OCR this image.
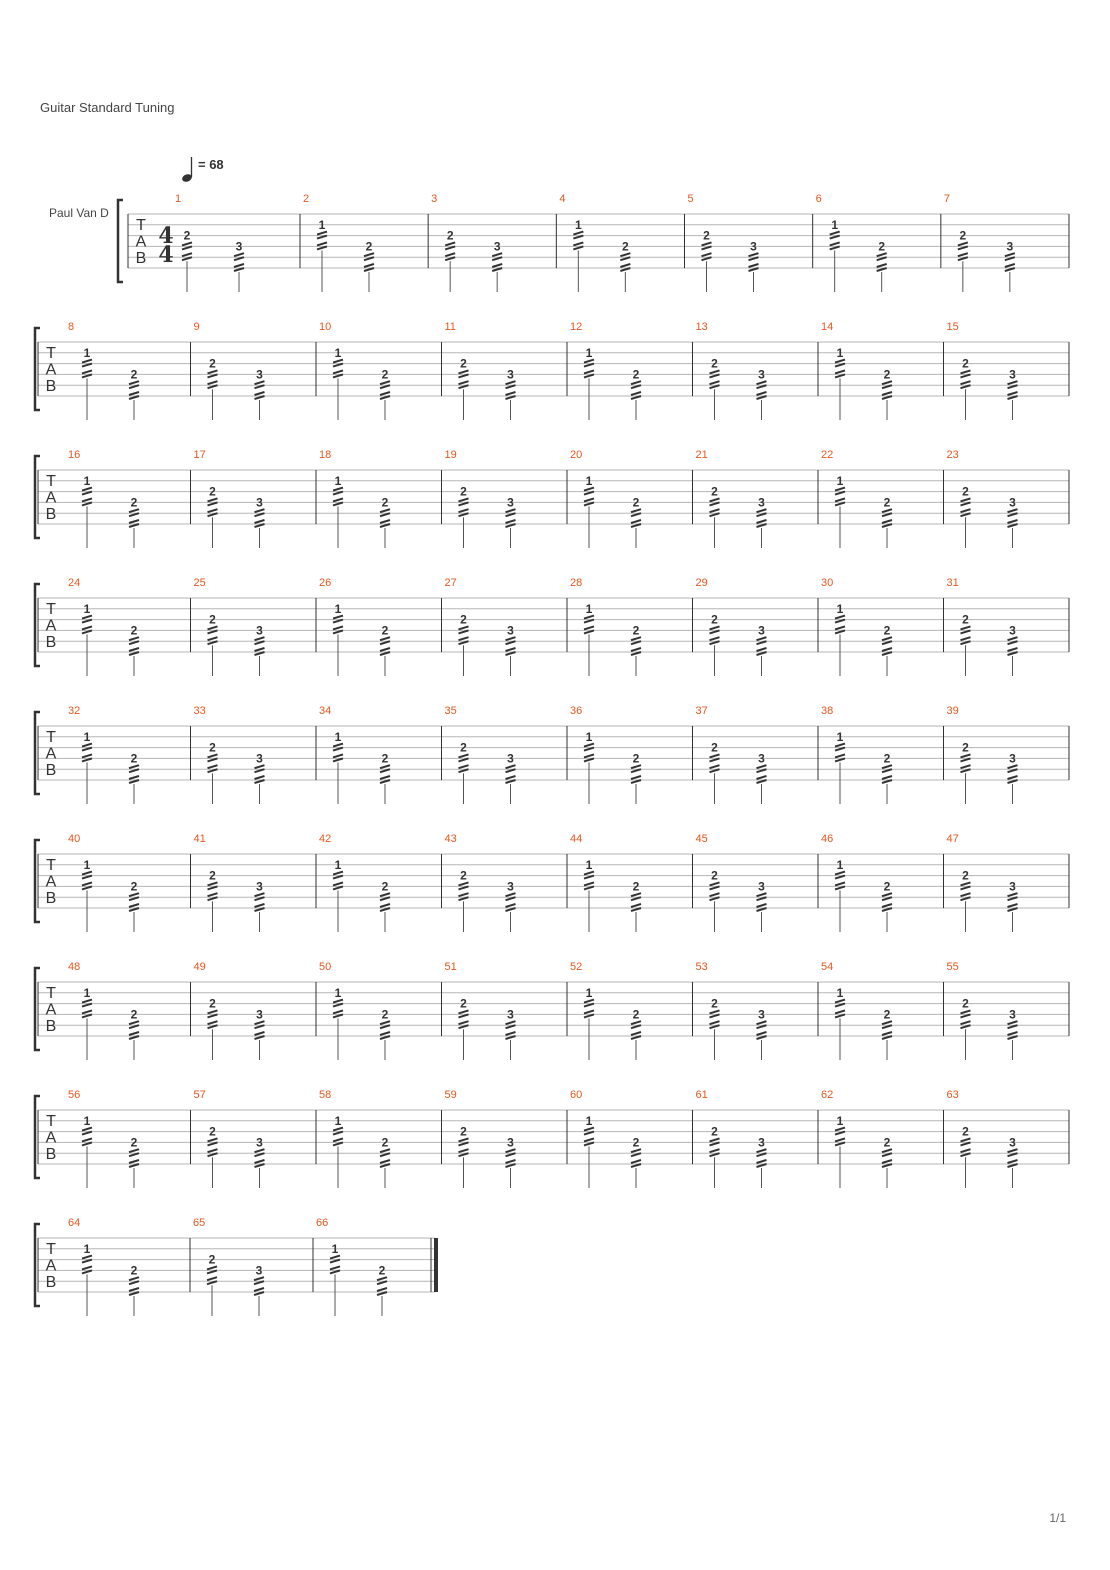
Guitar Standard Tuning
= 68
Paul Van D
T
A
B
4
4
1
2
3
2
1
2
3
2
3
4
1
2
5
2
3
6
1
2
7
2
3
T
A
B
8
1
2
9
2
3
10
1
2
11
2
3
12
1
2
13
2
3
14
1
2
15
2
3
T
A
B
16
1
2
17
2
3
18
1
2
19
2
3
20
1
2
21
2
3
22
1
2
23
2
3
T
A
B
24
1
2
25
2
3
26
1
2
27
2
3
28
1
2
29
2
3
30
1
2
31
2
3
T
A
B
32
1
2
33
2
3
34
1
2
35
2
3
36
1
2
37
2
3
38
1
2
39
2
3
T
A
B
40
1
2
41
2
3
42
1
2
43
2
3
44
1
2
45
2
3
46
1
2
47
2
3
T
A
B
48
1
2
49
2
3
50
1
2
51
2
3
52
1
2
53
2
3
54
1
2
55
2
3
T
A
B
56
1
2
57
2
3
58
1
2
59
2
3
60
1
2
61
2
3
62
1
2
63
2
3
T
A
B
64
1
2
65
2
3
66
1
2
1/1
